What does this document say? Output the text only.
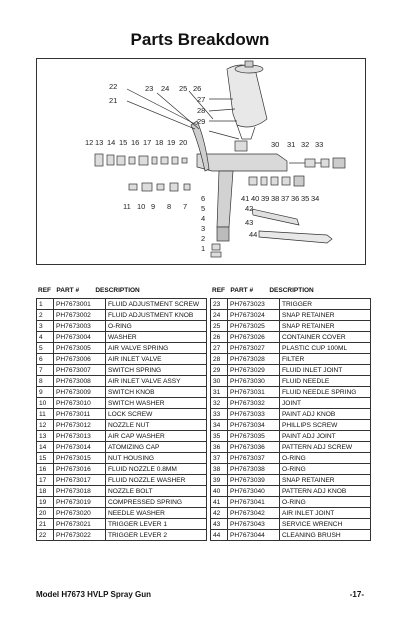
Parts Breakdown
22
21
23 24 25 26
27
28
29
12 13 14 15 16 17 18 19 20	30 31 32 33
11 10 9 8 7
6
5
4
3
2
1
41 40 39 38 37 36 35 34
42
43
44
REF PART #	DESCRIPTION	REF PART #	DESCRIPTION
1	PH7673001	FLUID ADJUSTMENT SCREW
2	PH7673002	FLUID ADJUSTMENT KNOB
3	PH7673003	O-RING
4	PH7673004	WASHER
5	PH7673005	AIR VALVE SPRING
6	PH7673006	AIR INLET VALVE
7	PH7673007	SWITCH SPRING
8	PH7673008	AIR INLET VALVE ASSY
9	PH7673009	SWITCH KNOB
10	PH7673010	SWITCH WASHER
11	PH7673011	LOCK SCREW
12	PH7673012	NOZZLE NUT
13	PH7673013	AIR CAP WASHER
14	PH7673014	ATOMIZING CAP
15	PH7673015	NUT HOUSING
16	PH7673016	FLUID NOZZLE 0.8MM
17	PH7673017	FLUID NOZZLE WASHER
18	PH7673018	NOZZLE BOLT
19	PH7673019	COMPRESSED SPRING
20	PH7673020	NEEDLE WASHER
21	PH7673021	TRIGGER LEVER 1
22	PH7673022	TRIGGER LEVER 2
23	PH7673023	TRIGGER
24	PH7673024	SNAP RETAINER
25	PH7673025	SNAP RETAINER
26	PH7673026	CONTAINER COVER
27	PH7673027	PLASTIC CUP 100ML
28	PH7673028	FILTER
29	PH7673029	FLUID INLET JOINT
30	PH7673030	FLUID NEEDLE
31	PH7673031	FLUID NEEDLE SPRING
32	PH7673032	JOINT
33	PH7673033	PAINT ADJ KNOB
34	PH7673034	PHILLIPS SCREW
35	PH7673035	PAINT ADJ JOINT
36	PH7673036	PATTERN ADJ SCREW
37	PH7673037	O-RING
38	PH7673038	O-RING
39	PH7673039	SNAP RETAINER
40	PH7673040	PATTERN ADJ KNOB
41	PH7673041	O-RING
42	PH7673042	AIR INLET JOINT
43	PH7673043	SERVICE WRENCH
44	PH7673044	CLEANING BRUSH
Model H7673 HVLP Spray Gun	-17-
